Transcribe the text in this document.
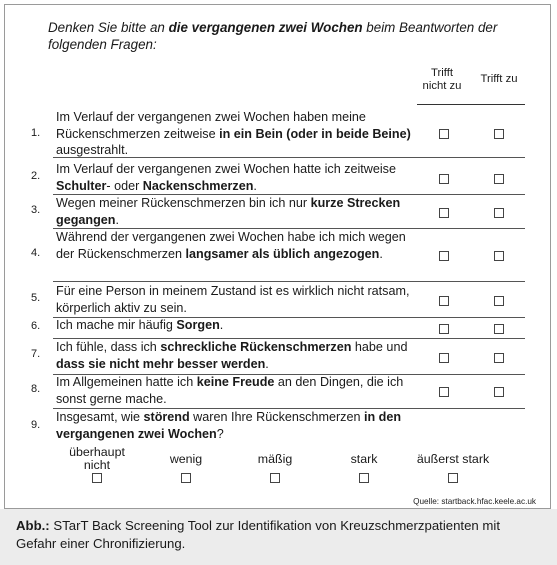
Denken Sie bitte an die vergangenen zwei Wochen beim Beantworten der folgenden Fragen:
Trifft
nicht zu
Trifft zu
1.
Im Verlauf der vergangenen zwei Wochen haben meine Rückenschmerzen zeitweise in ein Bein (oder in beide Beine) ausgestrahlt.
2. Im Verlauf der vergangenen zwei Wochen hatte ich zeitweise Schulter- oder Nackenschmerzen.
3. Wegen meiner Rückenschmerzen bin ich nur kurze Strecken gegangen.
4.
Während der vergangenen zwei Wochen habe ich mich wegen der Rückenschmerzen langsamer als üblich angezogen.
5. Für eine Person in meinem Zustand ist es wirklich nicht ratsam, körperlich aktiv zu sein.
6. Ich mache mir häufig Sorgen.
7. Ich fühle, dass ich schreckliche Rückenschmerzen habe und dass sie nicht mehr besser werden.
8. Im Allgemeinen hatte ich keine Freude an den Dingen, die ich sonst gerne mache.
9.
Insgesamt, wie störend waren Ihre Rückenschmerzen in den vergangenen zwei Wochen?
überhaupt nicht	wenig	mäßig	stark	äußerst stark
Quelle: startback.hfac.keele.ac.uk
Abb.: STarT Back Screening Tool zur Identifikation von Kreuzschmerzpatienten mit Gefahr einer Chronifizierung.
